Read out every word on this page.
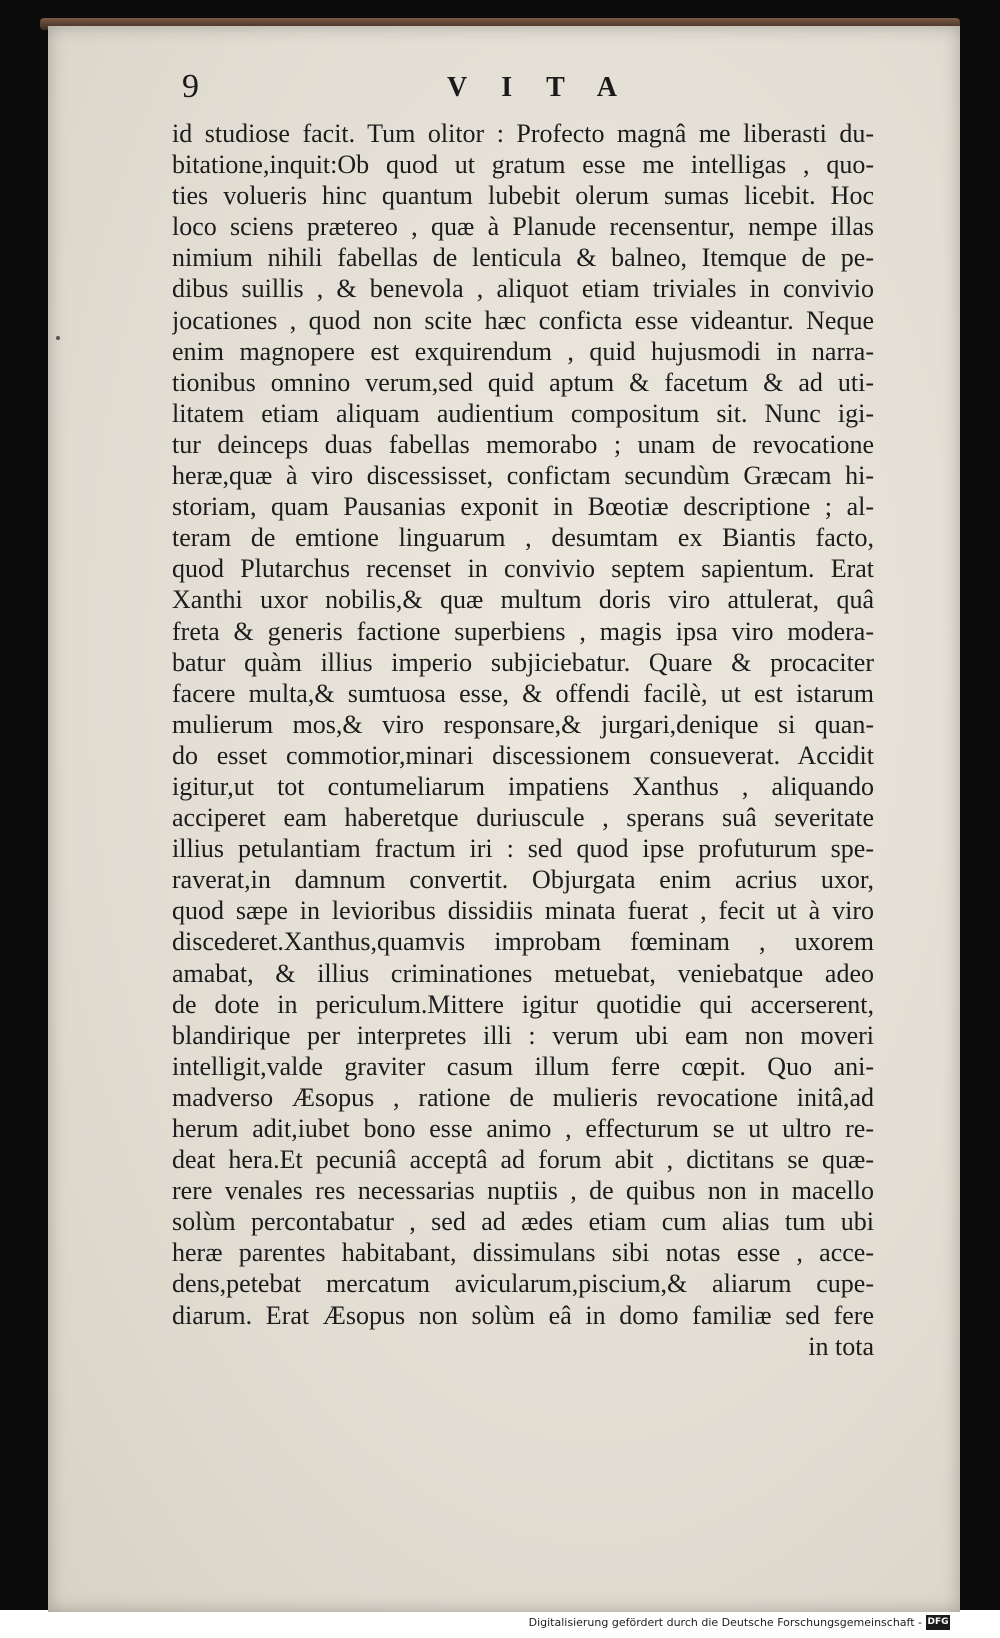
9	VITA
id studiose facit. Tum olitor : Profecto magnâ me liberasti du-
bitatione,inquit:Ob quod ut gratum esse me intelligas , quo-
ties volueris hinc quantum lubebit olerum sumas licebit. Hoc
loco sciens prætereo , quæ à Planude recensentur, nempe illas
nimium nihili fabellas de lenticula & balneo, Itemque de pe-
dibus suillis , & benevola , aliquot etiam triviales in convivio
jocationes , quod non scite hæc conficta esse videantur. Neque
enim magnopere est exquirendum , quid hujusmodi in narra-
tionibus omnino verum,sed quid aptum & facetum & ad uti-
litatem etiam aliquam audientium compositum sit. Nunc igi-
tur deinceps duas fabellas memorabo ; unam de revocatione
heræ,quæ à viro discessisset, confictam secundùm Græcam hi-
storiam, quam Pausanias exponit in Bœotiæ descriptione ; al-
teram de emtione linguarum , desumtam ex Biantis facto,
quod Plutarchus recenset in convivio septem sapientum. Erat
Xanthi uxor nobilis,& quæ multum doris viro attulerat, quâ
freta & generis factione superbiens , magis ipsa viro modera-
batur quàm illius imperio subjiciebatur. Quare & procaciter
facere multa,& sumtuosa esse, & offendi facilè, ut est istarum
mulierum mos,& viro responsare,& jurgari,denique si quan-
do esset commotior,minari discessionem consueverat. Accidit
igitur,ut tot contumeliarum impatiens Xanthus , aliquando
acciperet eam haberetque duriuscule , sperans suâ severitate
illius petulantiam fractum iri : sed quod ipse profuturum spe-
raverat,in damnum convertit. Objurgata enim acrius uxor,
quod sæpe in levioribus dissidiis minata fuerat , fecit ut à viro
discederet.Xanthus,quamvis improbam fœminam , uxorem
amabat, & illius criminationes metuebat, veniebatque adeo
de dote in periculum.Mittere igitur quotidie qui accerserent,
blandirique per interpretes illi : verum ubi eam non moveri
intelligit,valde graviter casum illum ferre cœpit. Quo ani-
madverso Æsopus , ratione de mulieris revocatione initâ,ad
herum adit,iubet bono esse animo , effecturum se ut ultro re-
deat hera.Et pecuniâ acceptâ ad forum abit , dictitans se quæ-
rere venales res necessarias nuptiis , de quibus non in macello
solùm percontabatur , sed ad ædes etiam cum alias tum ubi
heræ parentes habitabant, dissimulans sibi notas esse , acce-
dens,petebat mercatum avicularum,piscium,& aliarum cupe-
diarum. Erat Æsopus non solùm eâ in domo familiæ sed fere
in tota
Digitalisierung gefördert durch die Deutsche Forschungsgemeinschaft - DFG
